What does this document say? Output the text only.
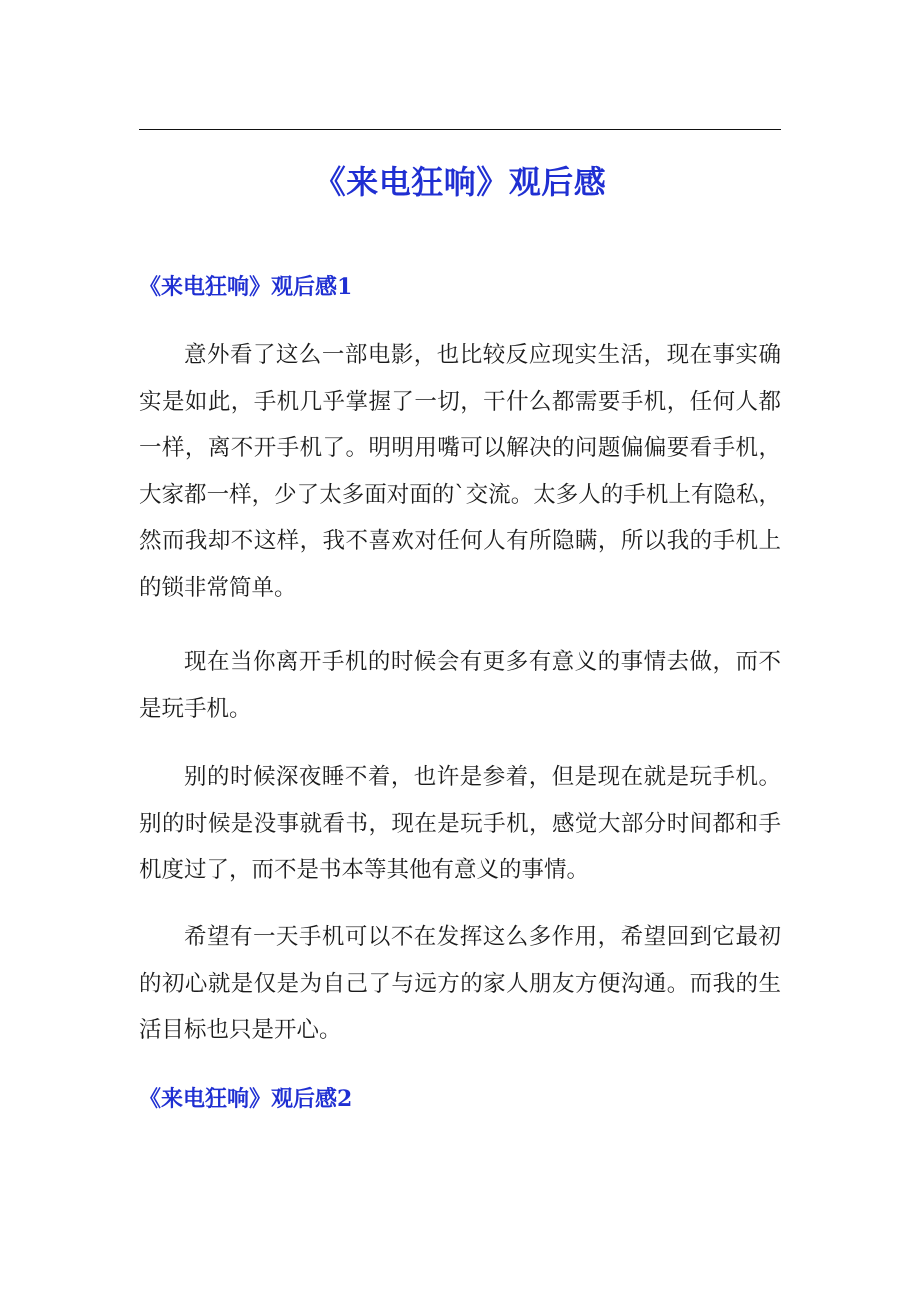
《来电狂响》观后感
《来电狂响》观后感1

意外看了这么一部电影，也比较反应现实生活，现在事实确实是如此，手机几乎掌握了一切，干什么都需要手机，任何人都一样，离不开手机了。明明用嘴可以解决的问题偏偏要看手机，大家都一样，少了太多面对面的`交流。太多人的手机上有隐私，然而我却不这样，我不喜欢对任何人有所隐瞒，所以我的手机上的锁非常简单。

现在当你离开手机的时候会有更多有意义的事情去做，而不是玩手机。

别的时候深夜睡不着，也许是参着，但是现在就是玩手机。别的时候是没事就看书，现在是玩手机，感觉大部分时间都和手机度过了，而不是书本等其他有意义的事情。

希望有一天手机可以不在发挥这么多作用，希望回到它最初的初心就是仅是为自己了与远方的家人朋友方便沟通。而我的生活目标也只是开心。

《来电狂响》观后感2
